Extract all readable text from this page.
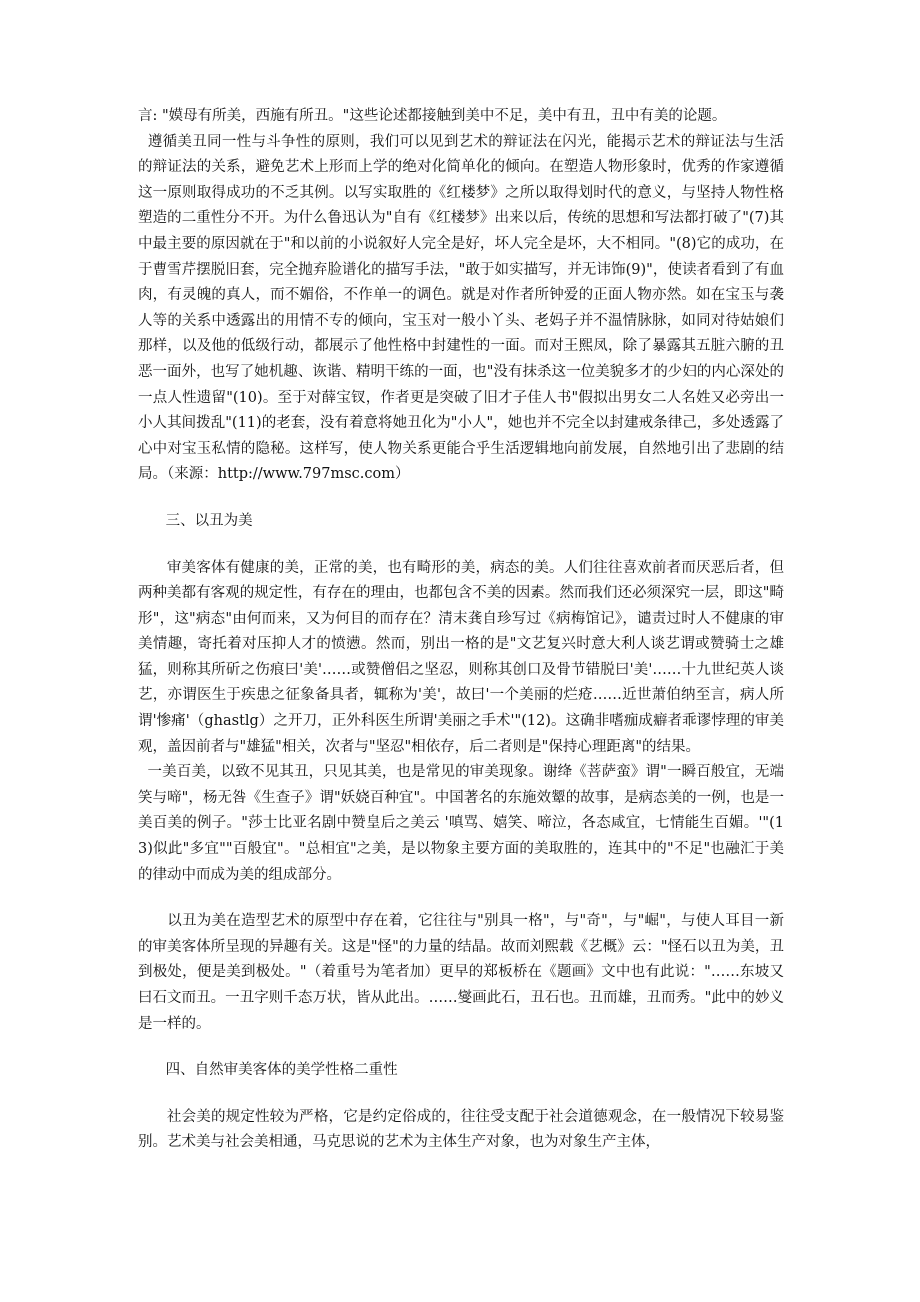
言: "嫫母有所美，西施有所丑。"这些论述都接触到美中不足，美中有丑，丑中有美的论题。

遵循美丑同一性与斗争性的原则，我们可以见到艺术的辩证法在闪光，能揭示艺术的辩证法与生活的辩证法的关系，避免艺术上形而上学的绝对化简单化的倾向。在塑造人物形象时，优秀的作家遵循这一原则取得成功的不乏其例。以写实取胜的《红楼梦》之所以取得划时代的意义，与坚持人物性格塑造的二重性分不开。为什么鲁迅认为"自有《红楼梦》出来以后，传统的思想和写法都打破了"(7)其中最主要的原因就在于"和以前的小说叙好人完全是好，坏人完全是坏，大不相同。"(8)它的成功，在于曹雪芹摆脱旧套，完全抛弃脸谱化的描写手法，"敢于如实描写，并无讳饰(9)"，使读者看到了有血肉，有灵魄的真人，而不媚俗，不作单一的调色。就是对作者所钟爱的正面人物亦然。如在宝玉与袭人等的关系中透露出的用情不专的倾向，宝玉对一般小丫头、老妈子并不温情脉脉，如同对待姑娘们那样，以及他的低级行动，都展示了他性格中封建性的一面。而对王熙凤，除了暴露其五脏六腑的丑恶一面外，也写了她机趣、诙谐、精明干练的一面，也"没有抹杀这一位美貌多才的少妇的内心深处的一点人性遗留"(10)。至于对薛宝钗，作者更是突破了旧才子佳人书"假拟出男女二人名姓又必旁出一小人其间拨乱"(11)的老套，没有着意将她丑化为"小人"，她也并不完全以封建戒条律己，多处透露了心中对宝玉私情的隐秘。这样写，使人物关系更能合乎生活逻辑地向前发展，自然地引出了悲剧的结局。（来源：http://www.797msc.com）

三、以丑为美

审美客体有健康的美，正常的美，也有畸形的美，病态的美。人们往往喜欢前者而厌恶后者，但两种美都有客观的规定性，有存在的理由，也都包含不美的因素。然而我们还必须深究一层，即这"畸形"，这"病态"由何而来，又为何目的而存在？清末龚自珍写过《病梅馆记》，谴责过时人不健康的审美情趣，寄托着对压抑人才的愤懑。然而，别出一格的是"文艺复兴时意大利人谈艺谓或赞骑士之雄猛，则称其所斫之伤痕曰'美'……或赞僧侣之坚忍，则称其创口及骨节错脱曰'美'……十九世纪英人谈艺，亦谓医生于疾患之征象备具者，辄称为'美'，故曰'一个美丽的烂疮……近世萧伯纳至言，病人所谓'惨痛'（ghastlg）之开刀，正外科医生所谓'美丽之手术'"(12)。这确非嗜痂成癖者乖谬悖理的审美观，盖因前者与"雄猛"相关，次者与"坚忍"相依存，后二者则是"保持心理距离"的结果。

一美百美，以致不见其丑，只见其美，也是常见的审美现象。谢绛《菩萨蛮》谓"一瞬百般宜，无端笑与啼"，杨无咎《生查子》谓"妖娆百种宜"。中国著名的东施效颦的故事，是病态美的一例，也是一美百美的例子。"莎士比亚名剧中赞皇后之美云 '嗔骂、嬉笑、啼泣，各态咸宜，七情能生百媚。'"(13)似此"多宜""百般宜"。"总相宜"之美，是以物象主要方面的美取胜的，连其中的"不足"也融汇于美的律动中而成为美的组成部分。

以丑为美在造型艺术的原型中存在着，它往往与"别具一格"，与"奇"，与"崛"，与使人耳目一新的审美客体所呈现的异趣有关。这是"怪"的力量的结晶。故而刘熙载《艺概》云："怪石以丑为美，丑到极处，便是美到极处。"（着重号为笔者加）更早的郑板桥在《题画》文中也有此说："……东坡又曰石文而丑。一丑字则千态万状，皆从此出。……燮画此石，丑石也。丑而雄，丑而秀。"此中的妙义是一样的。

四、自然审美客体的美学性格二重性

社会美的规定性较为严格，它是约定俗成的，往往受支配于社会道德观念，在一般情况下较易鉴别。艺术美与社会美相通，马克思说的艺术为主体生产对象，也为对象生产主体，
